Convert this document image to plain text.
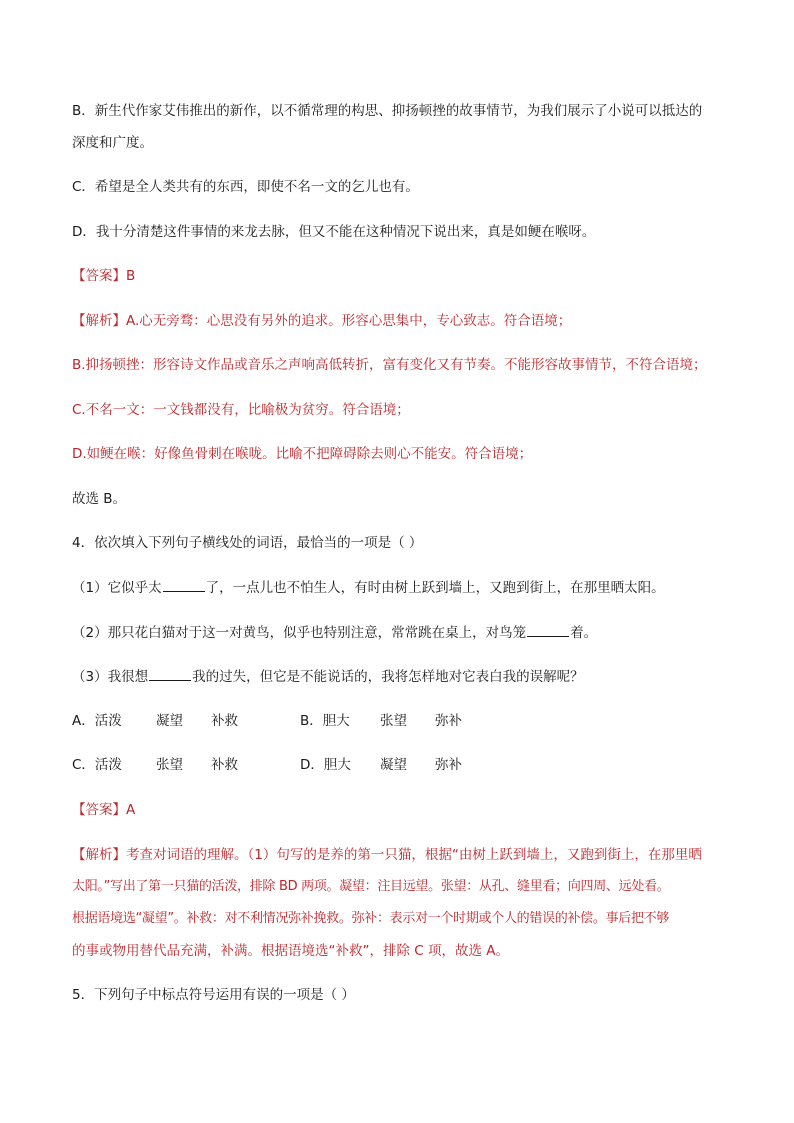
B．新生代作家艾伟推出的新作，以不循常理的构思、抑扬顿挫的故事情节，为我们展示了小说可以抵达的
深度和广度。
C．希望是全人类共有的东西，即使不名一文的乞儿也有。
D．我十分清楚这件事情的来龙去脉，但又不能在这种情况下说出来，真是如鲠在喉呀。
【答案】B
【解析】A.心无旁骛：心思没有另外的追求。形容心思集中，专心致志。符合语境；
B.抑扬顿挫：形容诗文作品或音乐之声响高低转折，富有变化又有节奏。不能形容故事情节，不符合语境；
C.不名一文：一文钱都没有，比喻极为贫穷。符合语境；
D.如鲠在喉：好像鱼骨刺在喉咙。比喻不把障碍除去则心不能安。符合语境；
故选 B。
4．依次填入下列句子横线处的词语，最恰当的一项是（ ）
（1）它似乎太	了，一点儿也不怕生人，有时由树上跃到墙上，又跑到街上，在那里晒太阳。
（2）那只花白猫对于这一对黄鸟，似乎也特别注意，常常跳在桌上，对鸟笼	着。
（3）我很想	我的过失，但它是不能说话的，我将怎样地对它表白我的误解呢？
A．活泼	凝望 补救	B．胆大 张望 弥补
C．活泼	张望 补救	D．胆大 凝望 弥补
【答案】A
【解析】考查对词语的理解。（1）句写的是养的第一只猫，根据“由树上跃到墙上，又跑到街上，在那里晒
太阳。”写出了第一只猫的活泼，排除 BD 两项。凝望：注目远望。张望：从孔、缝里看；向四周、远处看。
根据语境选“凝望”。补救：对不利情况弥补挽救。弥补：表示对一个时期或个人的错误的补偿。事后把不够
的事或物用替代品充满，补满。根据语境选“补救”，排除 C 项，故选 A。
5．下列句子中标点符号运用有误的一项是（ ）
